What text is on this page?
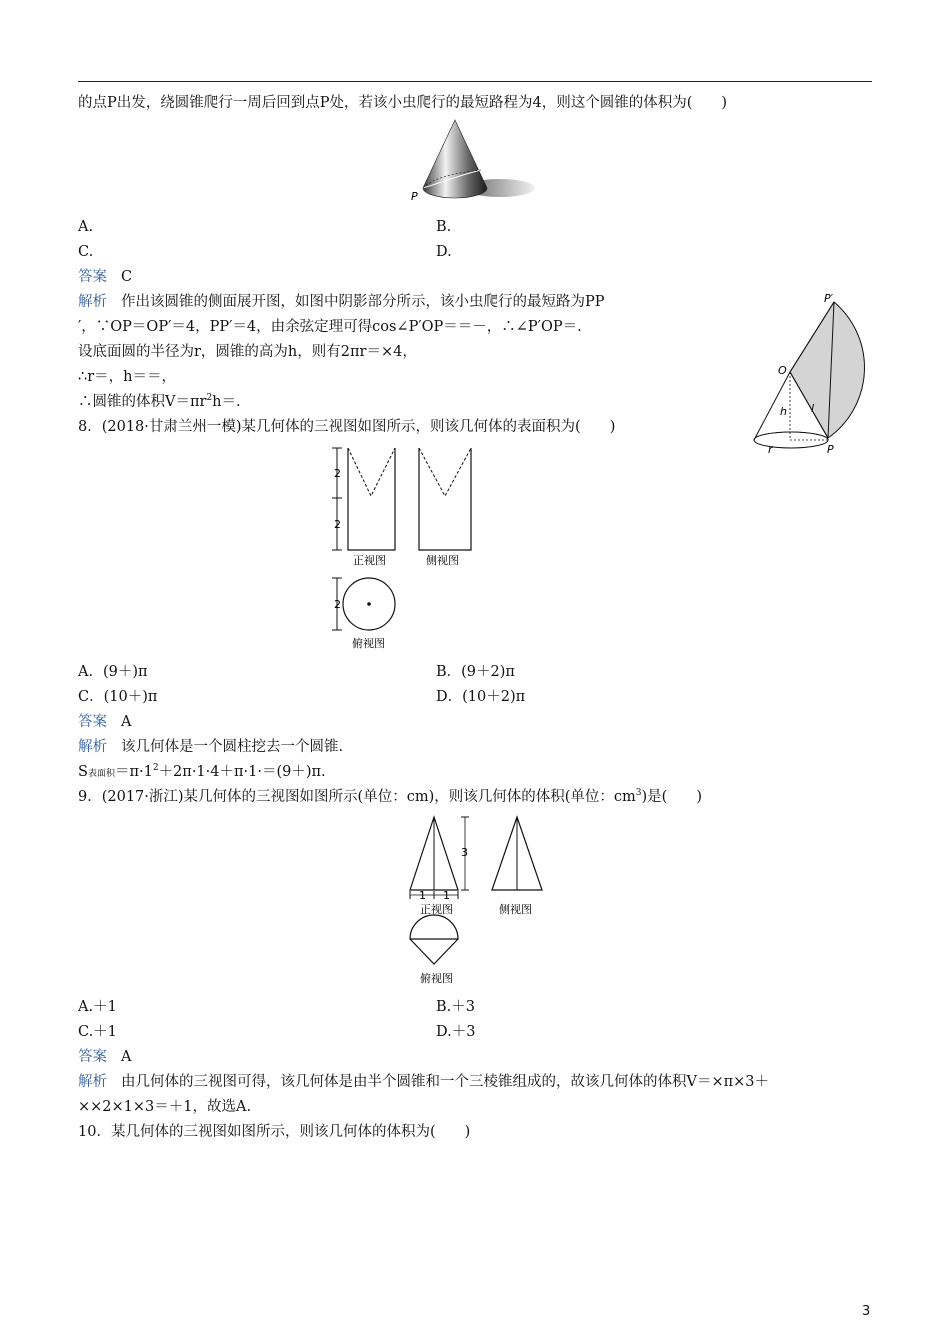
的点P出发，绕圆锥爬行一周后回到点P处，若该小虫爬行的最短路程为4，则这个圆锥的体积为(　　)
P
A.	B.
C.	D.
答案 C
解析 作出该圆锥的侧面展开图，如图中阴影部分所示，该小虫爬行的最短路为PP
′，∵OP＝OP′＝4，PP′＝4，由余弦定理可得cos∠P′OP＝＝－，∴∠P′OP＝.
设底面圆的半径为r，圆锥的高为h，则有2πr＝×4，
∴r＝，h＝＝，
∴圆锥的体积$V=\pi r^2h=$.
P′
O
h l
r	P
8．(2018·甘肃兰州一模)某几何体的三视图如图所示，则该几何体的表面积为(　　)
2
2
正视图	侧视图
2
俯视图
A．(9＋)π	B．(9＋2)π
C．(10＋)π	D．(10＋2)π
答案 A
解析 该几何体是一个圆柱挖去一个圆锥.
S表面积$=\pi\cdot 1^2+2\pi\cdot 1\cdot 4+\pi\cdot 1\cdot=(9+)\pi$.
9．(2017·浙江)某几何体的三视图如图所示(单位：cm)，则该几何体的体积(单位：$cm^3$)是(　　)
1 1
3
正视图	侧视图
俯视图
A.＋1	B.＋3
C.＋1	D.＋3
答案 A
解析 由几何体的三视图可得，该几何体是由半个圆锥和一个三棱锥组成的，故该几何体的体积V＝×π×3＋
××2×1×3＝＋1，故选A.
10．某几何体的三视图如图所示，则该几何体的体积为(　　)
3
